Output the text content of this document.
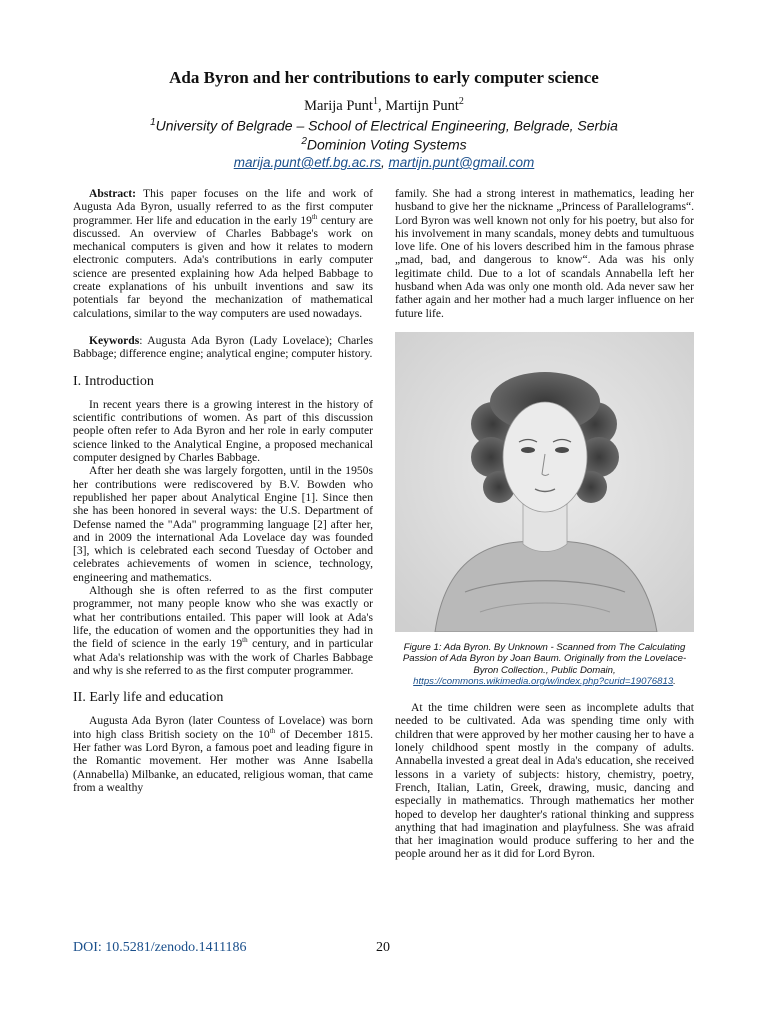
Ada Byron and her contributions to early computer science
Marija Punt$^1$, Martijn Punt$^2$
$^1$University of Belgrade – School of Electrical Engineering, Belgrade, Serbia
$^2$Dominion Voting Systems
marija.punt@etf.bg.ac.rs, martijn.punt@gmail.com

Abstract: This paper focuses on the life and work of Augusta Ada Byron, usually referred to as the first computer programmer. Her life and education in the early 19th century are discussed. An overview of Charles Babbage's work on mechanical computers is given and how it relates to modern electronic computers. Ada's contributions in early computer science are presented explaining how Ada helped Babbage to create explanations of his unbuilt inventions and saw its potentials far beyond the mechanization of mathematical calculations, similar to the way computers are used nowadays.

Keywords: Augusta Ada Byron (Lady Lovelace); Charles Babbage; difference engine; analytical engine; computer history.

I. Introduction

In recent years there is a growing interest in the history of scientific contributions of women. As part of this discussion people often refer to Ada Byron and her role in early computer science linked to the Analytical Engine, a proposed mechanical computer designed by Charles Babbage.

After her death she was largely forgotten, until in the 1950s her contributions were rediscovered by B.V. Bowden who republished her paper about Analytical Engine [1]. Since then she has been honored in several ways: the U.S. Department of Defense named the "Ada" programming language [2] after her, and in 2009 the international Ada Lovelace day was founded [3], which is celebrated each second Tuesday of October and celebrates achievements of women in science, technology, engineering and mathematics.

Although she is often referred to as the first computer programmer, not many people know who she was exactly or what her contributions entailed. This paper will look at Ada's life, the education of women and the opportunities they had in the field of science in the early 19th century, and in particular what Ada's relationship was with the work of Charles Babbage and why is she referred to as the first computer programmer.

II. Early life and education

Augusta Ada Byron (later Countess of Lovelace) was born into high class British society on the 10th of December 1815. Her father was Lord Byron, a famous poet and leading figure in the Romantic movement. Her mother was Anne Isabella (Annabella) Milbanke, an educated, religious woman, that came from a wealthy

family. She had a strong interest in mathematics, leading her husband to give her the nickname „Princess of Parallelograms“. Lord Byron was well known not only for his poetry, but also for his involvement in many scandals, money debts and tumultuous love life. One of his lovers described him in the famous phrase „mad, bad, and dangerous to know“. Ada was his only legitimate child. Due to a lot of scandals Annabella left her husband when Ada was only one month old. Ada never saw her father again and her mother had a much larger influence on her future life.

Figure 1: Ada Byron. By Unknown - Scanned from The Calculating Passion of Ada Byron by Joan Baum. Originally from the Lovelace-Byron Collection., Public Domain, https://commons.wikimedia.org/w/index.php?curid=19076813.

At the time children were seen as incomplete adults that needed to be cultivated. Ada was spending time only with children that were approved by her mother causing her to have a lonely childhood spent mostly in the company of adults. Annabella invested a great deal in Ada's education, she received lessons in a variety of subjects: history, chemistry, poetry, French, Italian, Latin, Greek, drawing, music, dancing and especially in mathematics. Through mathematics her mother hoped to develop her daughter's rational thinking and suppress anything that had imagination and playfulness. She was afraid that her imagination would produce suffering to her and the people around her as it did for Lord Byron.

DOI: 10.5281/zenodo.1411186	20
